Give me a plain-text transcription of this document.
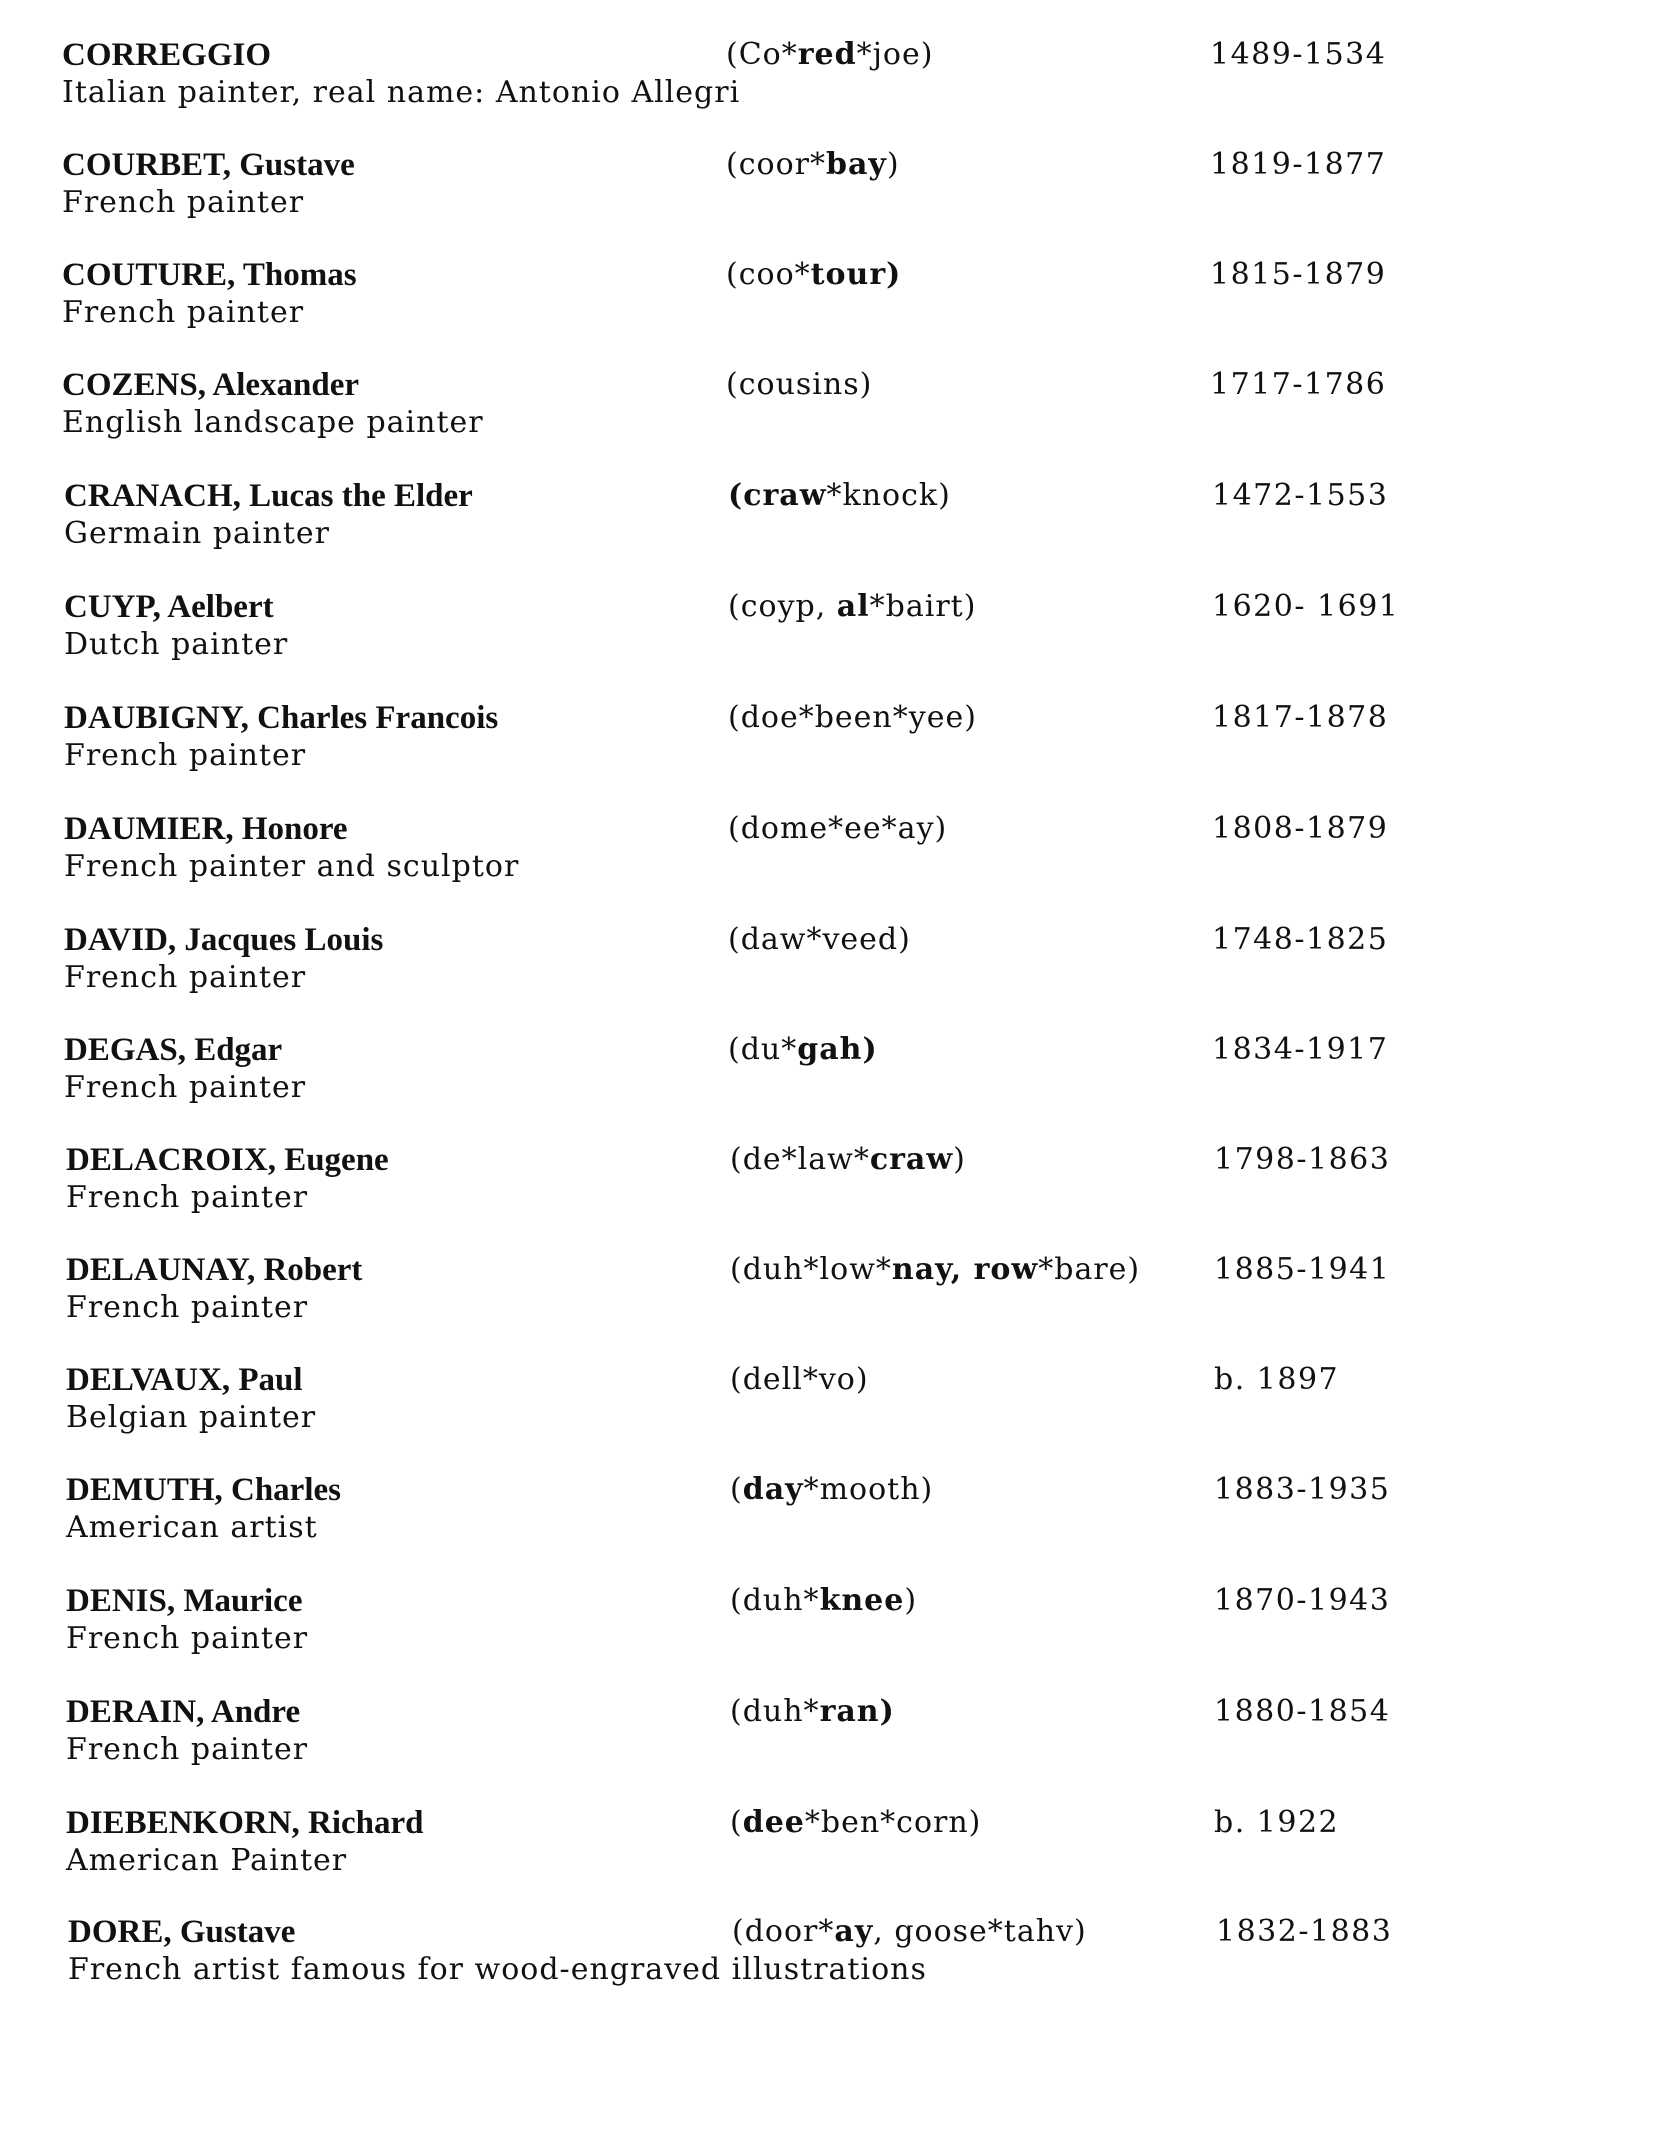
CORREGGIO
Italian painter, real name: Antonio Allegri
(Co*red*joe)	1489-1534
COURBET, Gustave
French painter
(coor*bay)	1819-1877
COUTURE, Thomas
French painter
(coo*tour)	1815-1879
COZENS, Alexander
English landscape painter
(cousins)	1717-1786
CRANACH, Lucas the Elder
Germain painter
(craw*knock)	1472-1553
CUYP, Aelbert
Dutch painter
(coyp, al*bairt)	1620- 1691
DAUBIGNY, Charles Francois
French painter
(doe*been*yee)	1817-1878
DAUMIER, Honore
French painter and sculptor
(dome*ee*ay)	1808-1879
DAVID, Jacques Louis
French painter
(daw*veed)	1748-1825
DEGAS, Edgar
French painter
(du*gah)	1834-1917
DELACROIX, Eugene
French painter
(de*law*craw)	1798-1863
DELAUNAY, Robert
French painter
(duh*low*nay, row*bare) 1885-1941
DELVAUX, Paul
Belgian painter
(dell*vo)	b. 1897
DEMUTH, Charles
American artist
(day*mooth)	1883-1935
DENIS, Maurice
French painter
(duh*knee)	1870-1943
DERAIN, Andre
French painter
(duh*ran)	1880-1854
DIEBENKORN, Richard
American Painter
(dee*ben*corn)	b. 1922
DORE, Gustave
French artist famous for wood-engraved illustrations
(door*ay, goose*tahv)	1832-1883
